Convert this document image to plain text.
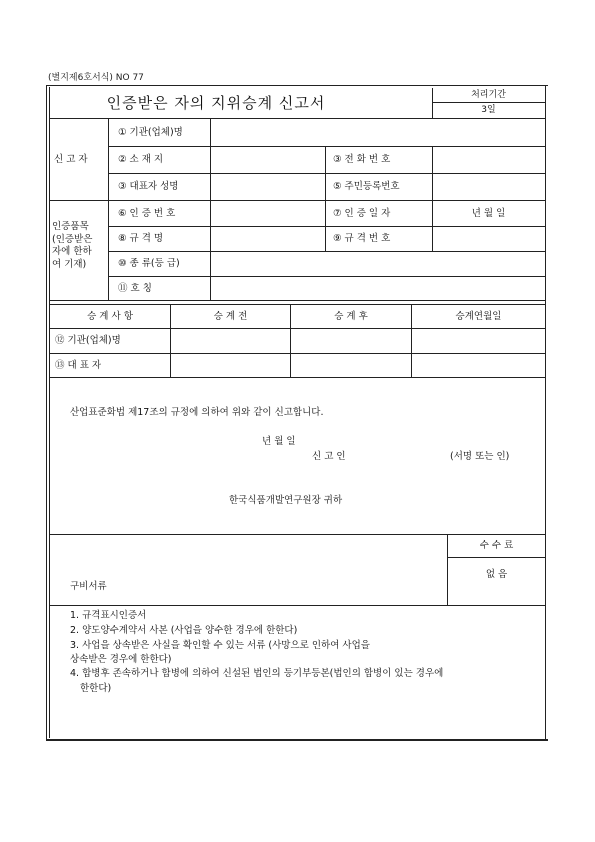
(별지제6호서식) NO 77
인증받은 자의 지위승계 신고서	처리기간
3일
신 고 자
① 기관(업체)명
② 소 재 지	③ 전 화 번 호
③ 대표자 성명	⑤ 주민등록번호
인증품목
(인증받은
자에 한하
여 기재)
⑥ 인 증 번 호	⑦ 인 증 일 자	년 월 일
⑧ 규 격 명	⑨ 규 격 번 호
⑩ 종 류(등 급)
⑪ 호 칭
승 계 사 항	승 계 전	승 계 후	승계연월일
⑫ 기관(업체)명
⑬ 대 표 자
산업표준화법 제17조의 규정에 의하여 위와 같이 신고합니다.
년 월 일
신 고 인	(서명 또는 인)
한국식품개발연구원장 귀하
수 수 료
없 음
구비서류
1. 규격표시인증서
2. 양도양수계약서 사본 (사업을 양수한 경우에 한한다)
3. 사업을 상속받은 사실을 확인할 수 있는 서류 (사망으로 인하여 사업을
상속받은 경우에 한한다)
4. 합병후 존속하거나 합병에 의하여 신설된 법인의 등기부등본(법인의 합병이 있는 경우에
한한다)
